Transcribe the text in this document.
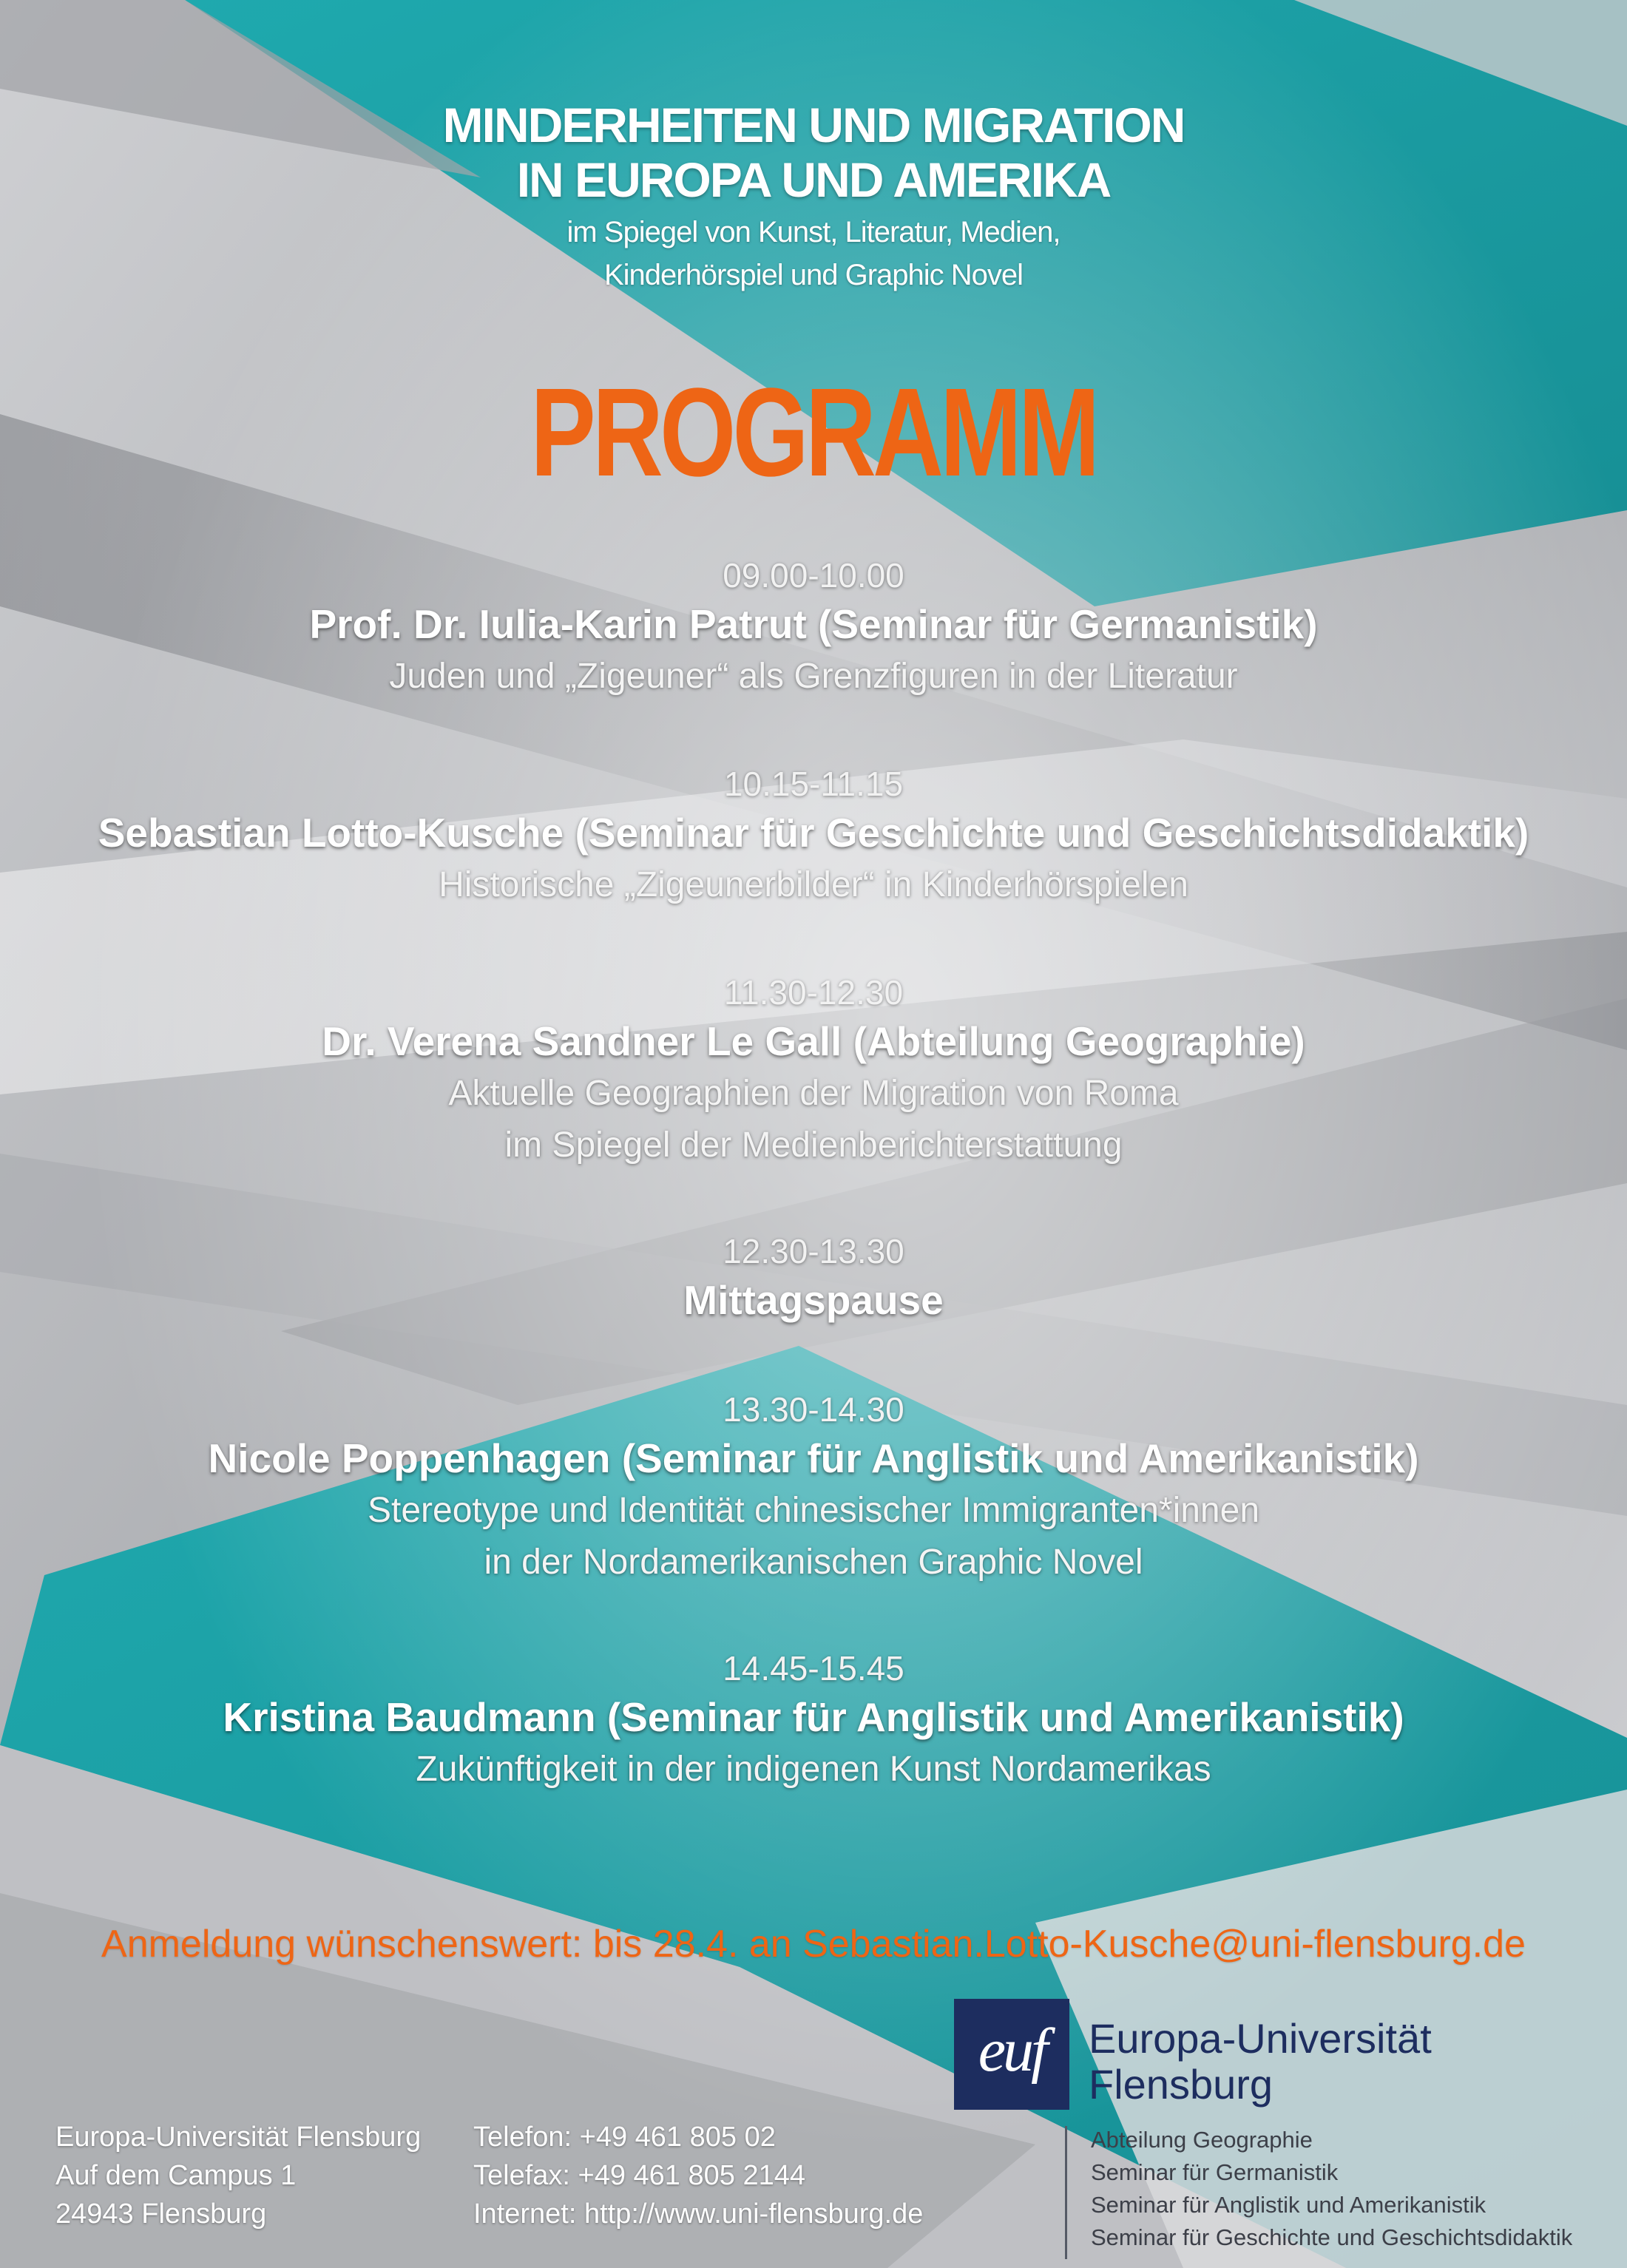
MINDERHEITEN UND MIGRATION
IN EUROPA UND AMERIKA
im Spiegel von Kunst, Literatur, Medien,
Kinderhörspiel und Graphic Novel
PROGRAMM
09.00-10.00
Prof. Dr. Iulia-Karin Patrut (Seminar für Germanistik)
Juden und „Zigeuner“ als Grenzfiguren in der Literatur
10.15-11.15
Sebastian Lotto-Kusche (Seminar für Geschichte und Geschichtsdidaktik)
Historische „Zigeunerbilder“ in Kinderhörspielen
11.30-12.30
Dr. Verena Sandner Le Gall (Abteilung Geographie)
Aktuelle Geographien der Migration von Roma
im Spiegel der Medienberichterstattung
12.30-13.30
Mittagspause
13.30-14.30
Nicole Poppenhagen (Seminar für Anglistik und Amerikanistik)
Stereotype und Identität chinesischer Immigranten*innen
in der Nordamerikanischen Graphic Novel
14.45-15.45
Kristina Baudmann (Seminar für Anglistik und Amerikanistik)
Zukünftigkeit in der indigenen Kunst Nordamerikas
Anmeldung wünschenswert: bis 28.4. an Sebastian.Lotto-Kusche@uni-flensburg.de
Europa-Universität Flensburg
Auf dem Campus 1
24943 Flensburg
Telefon: +49 461 805 02
Telefax: +49 461 805 2144
Internet: http://www.uni-flensburg.de
euf	Europa-Universität
Flensburg
Abteilung Geographie
Seminar für Germanistik
Seminar für Anglistik und Amerikanistik
Seminar für Geschichte und Geschichtsdidaktik
